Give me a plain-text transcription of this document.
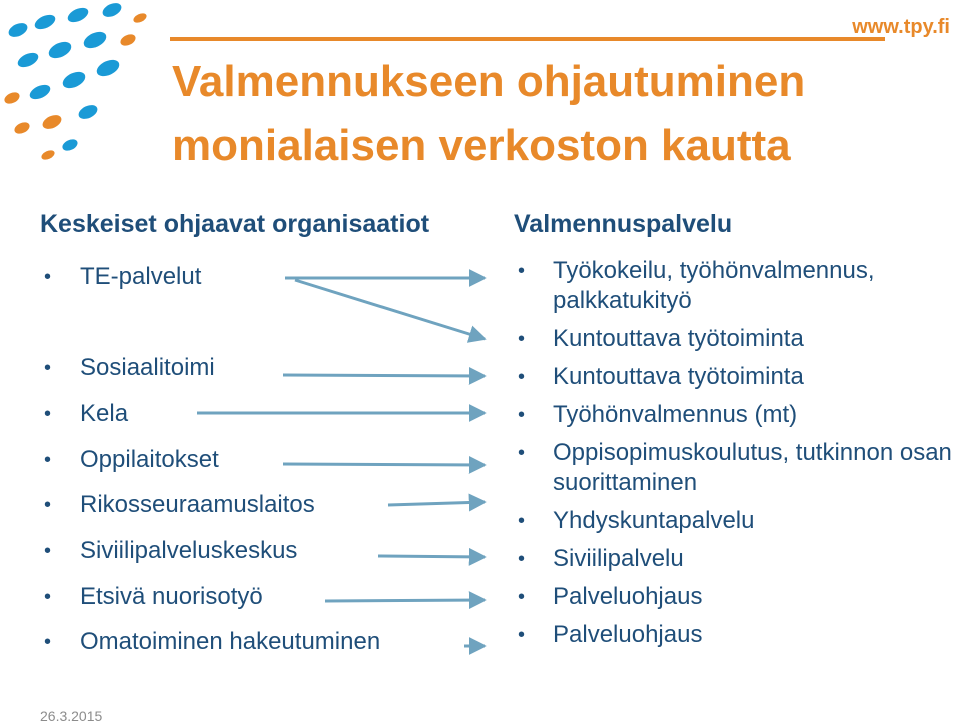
www.tpy.fi
Valmennukseen ohjautuminen monialaisen verkoston kautta
Keskeiset ohjaavat organisaatiot	Valmennuspalvelu
• TE-palvelut
• Sosiaalitoimi
• Kela
• Oppilaitokset
• Rikosseuraamuslaitos
• Siviilipalveluskeskus
• Etsivä nuorisotyö
• Omatoiminen hakeutuminen
• Työkokeilu, työhönvalmennus, palkkatukityö
• Kuntouttava työtoiminta
• Kuntouttava työtoiminta
• Työhönvalmennus (mt)
• Oppisopimuskoulutus, tutkinnon osan suorittaminen
• Yhdyskuntapalvelu
• Siviilipalvelu
• Palveluohjaus
• Palveluohjaus
26.3.2015
